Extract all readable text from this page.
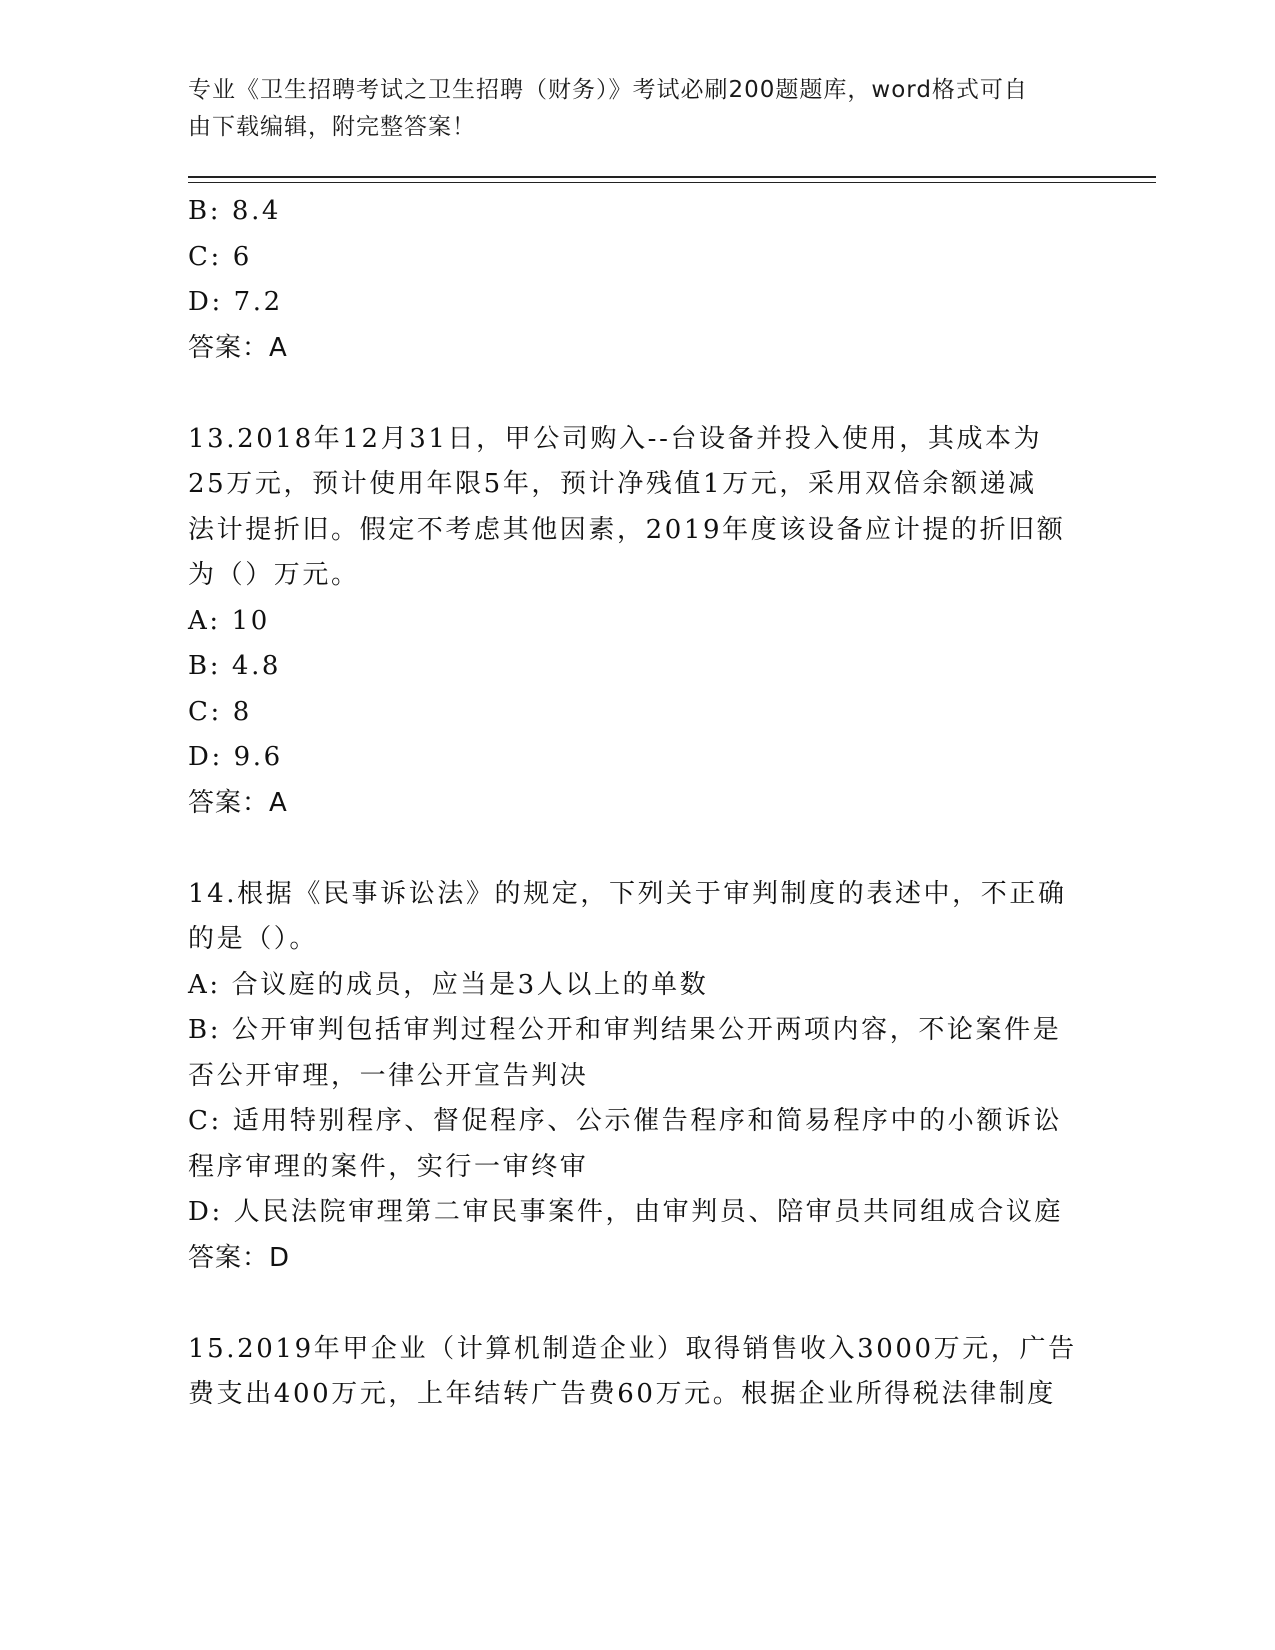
专业《卫生招聘考试之卫生招聘（财务）》考试必刷200题题库，word格式可自
由下载编辑，附完整答案！

B: 8.4

C: 6

D: 7.2

答案：A

13.2018年12月31日，甲公司购入--台设备并投入使用，其成本为

25万元，预计使用年限5年，预计净残值1万元，采用双倍余额递减

法计提折旧。假定不考虑其他因素，2019年度该设备应计提的折旧额

为（）万元。

A: 10

B: 4.8

C: 8

D: 9.6

答案：A

14.根据《民事诉讼法》的规定，下列关于审判制度的表述中，不正确

的是（）。

A: 合议庭的成员，应当是3人以上的单数

B: 公开审判包括审判过程公开和审判结果公开两项内容，不论案件是

否公开审理，一律公开宣告判决

C: 适用特别程序、督促程序、公示催告程序和简易程序中的小额诉讼

程序审理的案件，实行一审终审

D: 人民法院审理第二审民事案件，由审判员、陪审员共同组成合议庭

答案：D

15.2019年甲企业（计算机制造企业）取得销售收入3000万元，广告

费支出400万元，上年结转广告费60万元。根据企业所得税法律制度
